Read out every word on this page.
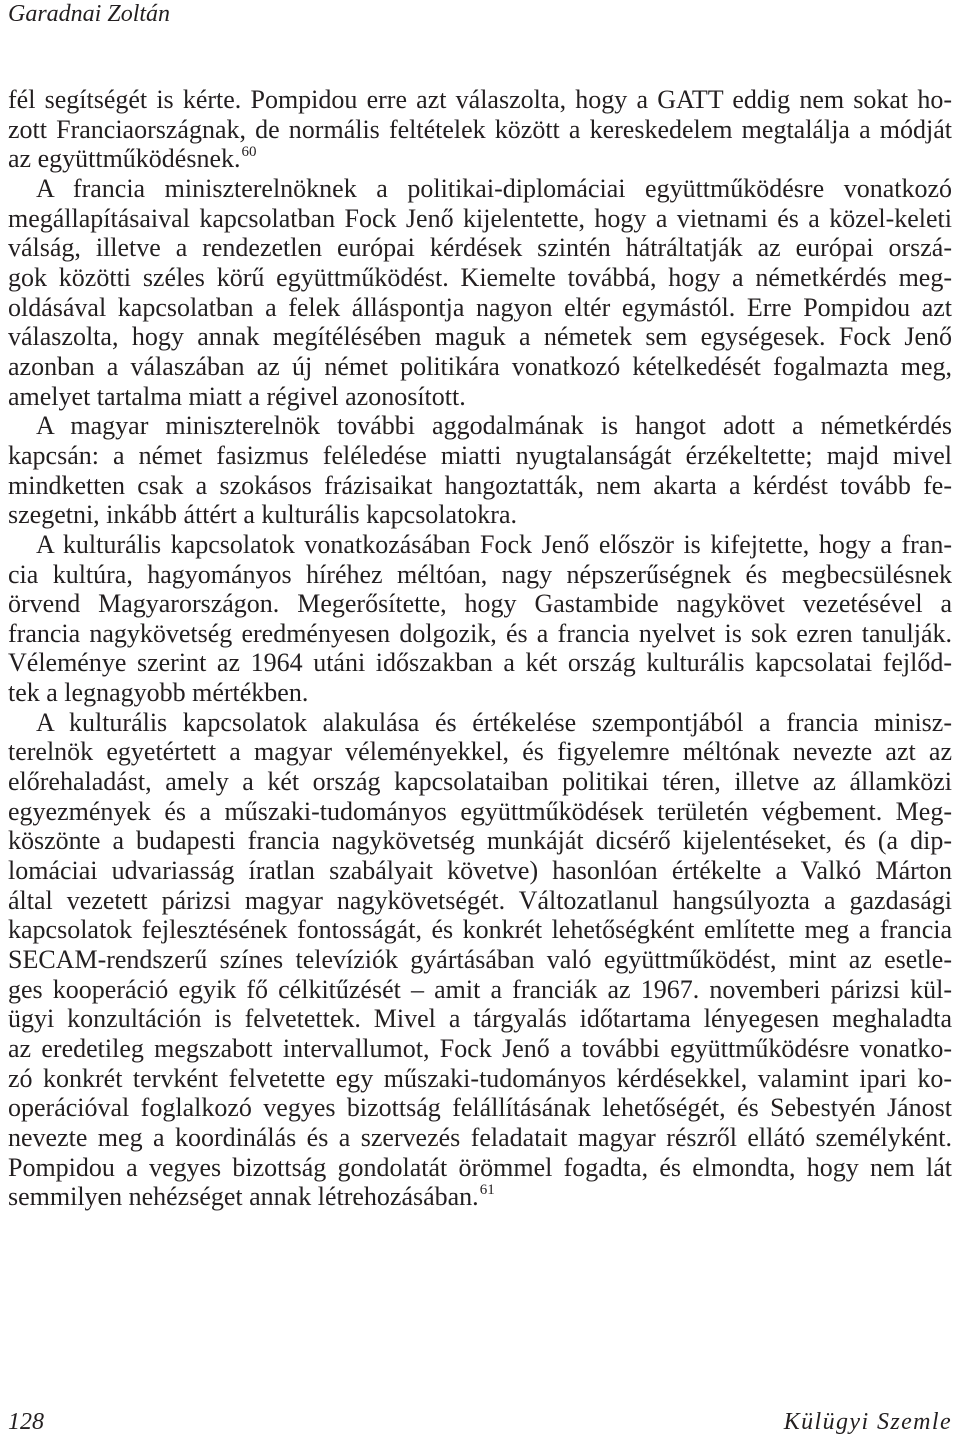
Garadnai Zoltán
fél segítségét is kérte. Pompidou erre azt válaszolta, hogy a GATT eddig nem sokat ho-
zott Franciaországnak, de normális feltételek között a kereskedelem megtalálja a módját
az együttműködésnek.$^{60}$
A francia miniszterelnöknek a politikai-diplomáciai együttműködésre vonatkozó
megállapításaival kapcsolatban Fock Jenő kijelentette, hogy a vietnami és a közel-keleti
válság, illetve a rendezetlen európai kérdések szintén hátráltatják az európai orszá-
gok közötti széles körű együttműködést. Kiemelte továbbá, hogy a németkérdés meg-
oldásával kapcsolatban a felek álláspontja nagyon eltér egymástól. Erre Pompidou azt
válaszolta, hogy annak megítélésében maguk a németek sem egységesek. Fock Jenő
azonban a válaszában az új német politikára vonatkozó kételkedését fogalmazta meg,
amelyet tartalma miatt a régivel azonosított.
A magyar miniszterelnök további aggodalmának is hangot adott a németkérdés
kapcsán: a német fasizmus feléledése miatti nyugtalanságát érzékeltette; majd mivel
mindketten csak a szokásos frázisaikat hangoztatták, nem akarta a kérdést tovább fe-
szegetni, inkább áttért a kulturális kapcsolatokra.
A kulturális kapcsolatok vonatkozásában Fock Jenő először is kifejtette, hogy a fran-
cia kultúra, hagyományos híréhez méltóan, nagy népszerűségnek és megbecsülésnek
örvend Magyarországon. Megerősítette, hogy Gastambide nagykövet vezetésével a
francia nagykövetség eredményesen dolgozik, és a francia nyelvet is sok ezren tanulják.
Véleménye szerint az 1964 utáni időszakban a két ország kulturális kapcsolatai fejlőd-
tek a legnagyobb mértékben.
A kulturális kapcsolatok alakulása és értékelése szempontjából a francia minisz-
terelnök egyetértett a magyar véleményekkel, és figyelemre méltónak nevezte azt az
előrehaladást, amely a két ország kapcsolataiban politikai téren, illetve az államközi
egyezmények és a műszaki-tudományos együttműködések területén végbement. Meg-
köszönte a budapesti francia nagykövetség munkáját dicsérő kijelentéseket, és (a dip-
lomáciai udvariasság íratlan szabályait követve) hasonlóan értékelte a Valkó Márton
által vezetett párizsi magyar nagykövetségét. Változatlanul hangsúlyozta a gazdasági
kapcsolatok fejlesztésének fontosságát, és konkrét lehetőségként említette meg a francia
SECAM-rendszerű színes televíziók gyártásában való együttműködést, mint az esetle-
ges kooperáció egyik fő célkitűzését – amit a franciák az 1967. novemberi párizsi kül-
ügyi konzultáción is felvetettek. Mivel a tárgyalás időtartama lényegesen meghaladta
az eredetileg megszabott intervallumot, Fock Jenő a további együttműködésre vonatko-
zó konkrét tervként felvetette egy műszaki-tudományos kérdésekkel, valamint ipari ko-
operációval foglalkozó vegyes bizottság felállításának lehetőségét, és Sebestyén Jánost
nevezte meg a koordinálás és a szervezés feladatait magyar részről ellátó személyként.
Pompidou a vegyes bizottság gondolatát örömmel fogadta, és elmondta, hogy nem lát
semmilyen nehézséget annak létrehozásában.$^{61}$
128	Külügyi Szemle
